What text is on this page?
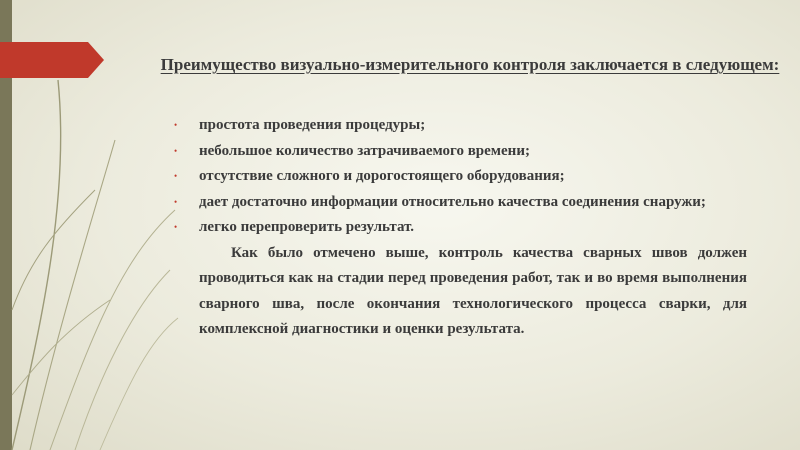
Преимущество визуально-измерительного контроля заключается в следующем:
• простота проведения процедуры;
• небольшое количество затрачиваемого времени;
• отсутствие сложного и дорогостоящего оборудования;
• дает достаточно информации относительно качества соединения снаружи;
• легко перепроверить результат.

Как было отмечено выше, контроль качества сварных швов должен проводиться как на стадии перед проведения работ, так и во время выполнения сварного шва, после окончания технологического процесса сварки, для комплексной диагностики и оценки результата.
